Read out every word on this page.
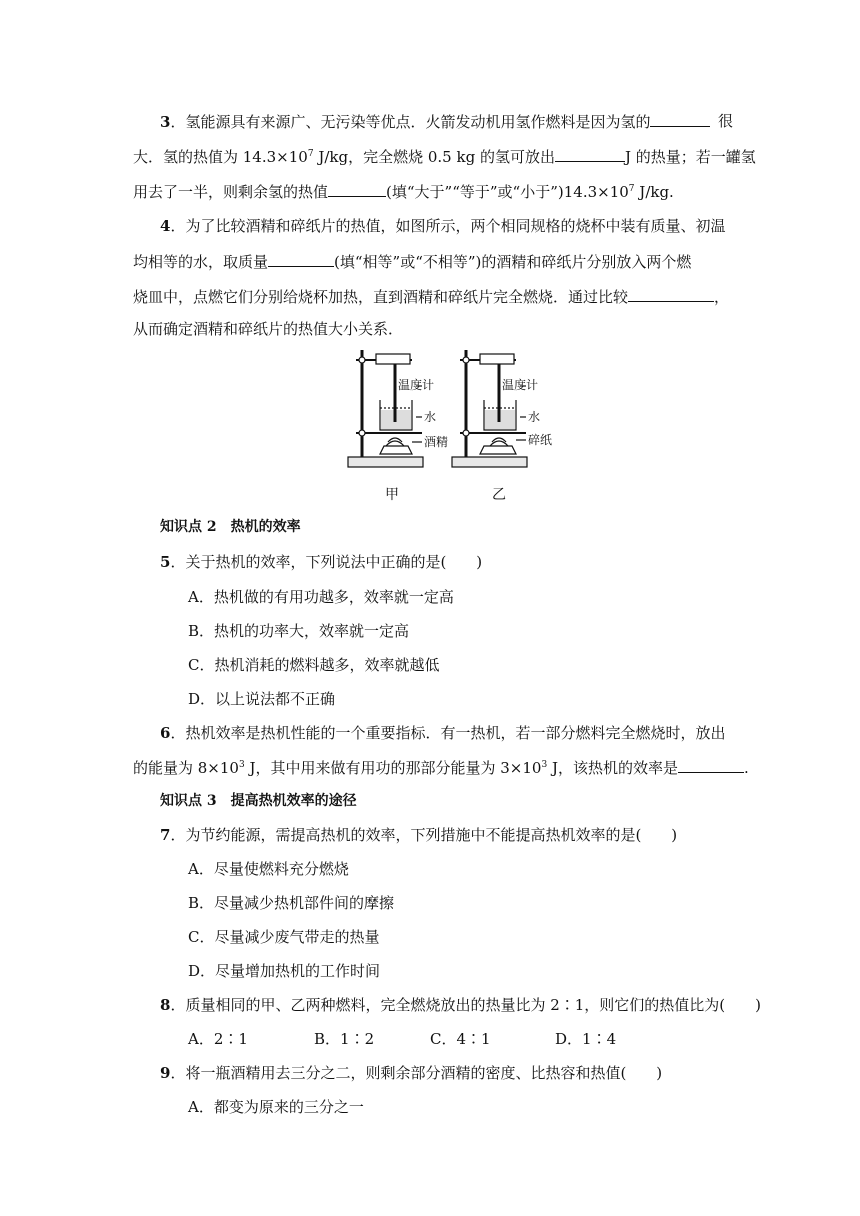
3．氢能源具有来源广、无污染等优点．火箭发动机用氢作燃料是因为氢的	很
大．氢的热值为 $14.3\times 10^7$ J/kg，完全燃烧 0.5 kg 的氢可放出	J 的热量；若一罐氢
用去了一半，则剩余氢的热值	(填“大于”“等于”或“小于$”)14.3\times 10^7$ J/kg.
4．为了比较酒精和碎纸片的热值，如图所示，两个相同规格的烧杯中装有质量、初温
均相等的水，取质量	(填“相等”或“不相等”)的酒精和碎纸片分别放入两个燃
烧皿中，点燃它们分别给烧杯加热，直到酒精和碎纸片完全燃烧．通过比较	，
从而确定酒精和碎纸片的热值大小关系．
温度计
水
酒精
温度计
水
碎纸
甲	乙
知识点 2　 热机的效率
5．关于热机的效率，下列说法中正确的是(　　)
A．热机做的有用功越多，效率就一定高
B．热机的功率大，效率就一定高
C．热机消耗的燃料越多，效率就越低
D．以上说法都不正确
6．热机效率是热机性能的一个重要指标．有一热机，若一部分燃料完全燃烧时，放出
的能量为 $8\times 10^3$ J，其中用来做有用功的那部分能量为 $3\times 10^3$ J，该热机的效率是	.
知识点 3　 提高热机效率的途径
7．为节约能源，需提高热机的效率，下列措施中不能提高热机效率的是(　　)
A．尽量使燃料充分燃烧
B．尽量减少热机部件间的摩擦
C．尽量减少废气带走的热量
D．尽量增加热机的工作时间
8．质量相同的甲、乙两种燃料，完全燃烧放出的热量比为 2∶1，则它们的热值比为(　　)
A．2∶1	B．1∶2	C．4∶1	D．1∶4
9．将一瓶酒精用去三分之二，则剩余部分酒精的密度、比热容和热值(　　)
A．都变为原来的三分之一
